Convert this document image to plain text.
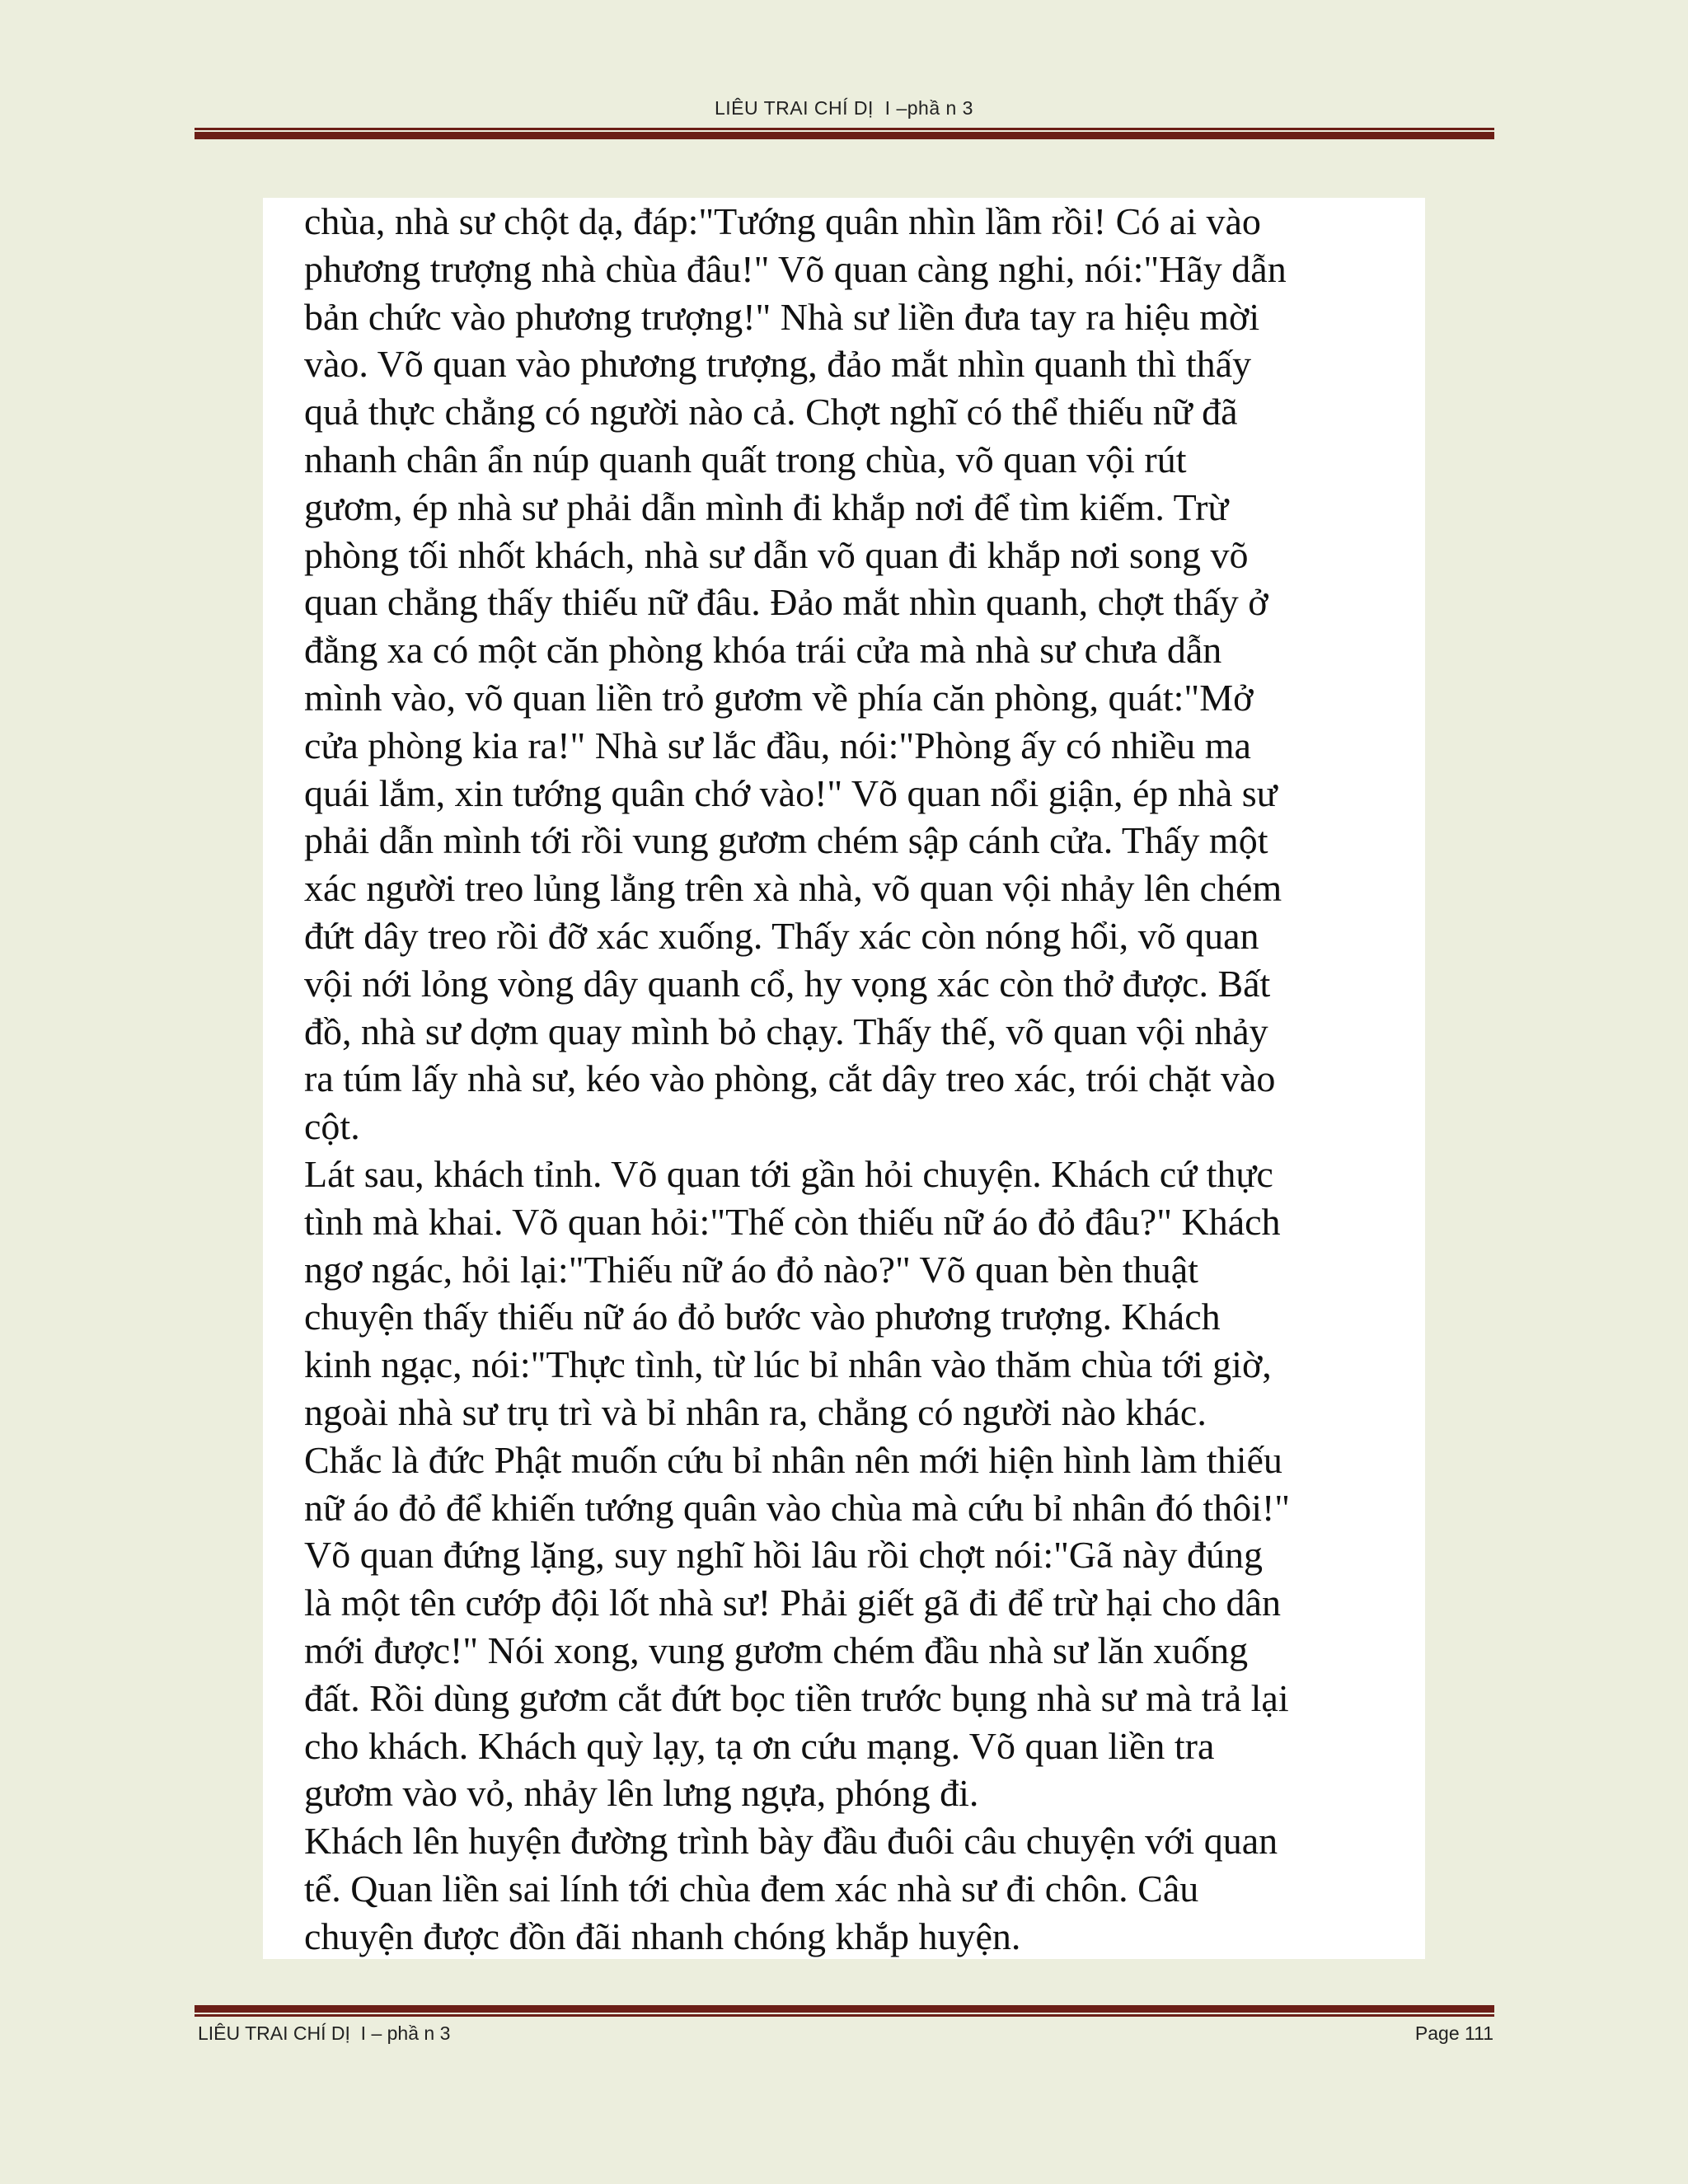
LIÊU TRAI CHÍ DỊ  I –phầ n 3
chùa, nhà sư chột dạ, đáp:"Tướng quân nhìn lầm rồi! Có ai vào
phương trượng nhà chùa đâu!" Võ quan càng nghi, nói:"Hãy dẫn
bản chức vào phương trượng!" Nhà sư liền đưa tay ra hiệu mời
vào. Võ quan vào phương trượng, đảo mắt nhìn quanh thì thấy
quả thực chẳng có người nào cả. Chợt nghĩ có thể thiếu nữ đã
nhanh chân ẩn núp quanh quất trong chùa, võ quan vội rút
gươm, ép nhà sư phải dẫn mình đi khắp nơi để tìm kiếm. Trừ
phòng tối nhốt khách, nhà sư dẫn võ quan đi khắp nơi song võ
quan chẳng thấy thiếu nữ đâu. Đảo mắt nhìn quanh, chợt thấy ở
đằng xa có một căn phòng khóa trái cửa mà nhà sư chưa dẫn
mình vào, võ quan liền trỏ gươm về phía căn phòng, quát:"Mở
cửa phòng kia ra!" Nhà sư lắc đầu, nói:"Phòng ấy có nhiều ma
quái lắm, xin tướng quân chớ vào!" Võ quan nổi giận, ép nhà sư
phải dẫn mình tới rồi vung gươm chém sập cánh cửa. Thấy một
xác người treo lủng lẳng trên xà nhà, võ quan vội nhảy lên chém
đứt dây treo rồi đỡ xác xuống. Thấy xác còn nóng hổi, võ quan
vội nới lỏng vòng dây quanh cổ, hy vọng xác còn thở được. Bất
đồ, nhà sư dợm quay mình bỏ chạy. Thấy thế, võ quan vội nhảy
ra túm lấy nhà sư, kéo vào phòng, cắt dây treo xác, trói chặt vào
cột.
Lát sau, khách tỉnh. Võ quan tới gần hỏi chuyện. Khách cứ thực
tình mà khai. Võ quan hỏi:"Thế còn thiếu nữ áo đỏ đâu?" Khách
ngơ ngác, hỏi lại:"Thiếu nữ áo đỏ nào?" Võ quan bèn thuật
chuyện thấy thiếu nữ áo đỏ bước vào phương trượng. Khách
kinh ngạc, nói:"Thực tình, từ lúc bỉ nhân vào thăm chùa tới giờ,
ngoài nhà sư trụ trì và bỉ nhân ra, chẳng có người nào khác.
Chắc là đức Phật muốn cứu bỉ nhân nên mới hiện hình làm thiếu
nữ áo đỏ để khiến tướng quân vào chùa mà cứu bỉ nhân đó thôi!"
Võ quan đứng lặng, suy nghĩ hồi lâu rồi chợt nói:"Gã này đúng
là một tên cướp đội lốt nhà sư! Phải giết gã đi để trừ hại cho dân
mới được!" Nói xong, vung gươm chém đầu nhà sư lăn xuống
đất. Rồi dùng gươm cắt đứt bọc tiền trước bụng nhà sư mà trả lại
cho khách. Khách quỳ lạy, tạ ơn cứu mạng. Võ quan liền tra
gươm vào vỏ, nhảy lên lưng ngựa, phóng đi.
Khách lên huyện đường trình bày đầu đuôi câu chuyện với quan
tể. Quan liền sai lính tới chùa đem xác nhà sư đi chôn. Câu
chuyện được đồn đãi nhanh chóng khắp huyện.
LIÊU TRAI CHÍ DỊ  I – phầ n 3	Page 111
